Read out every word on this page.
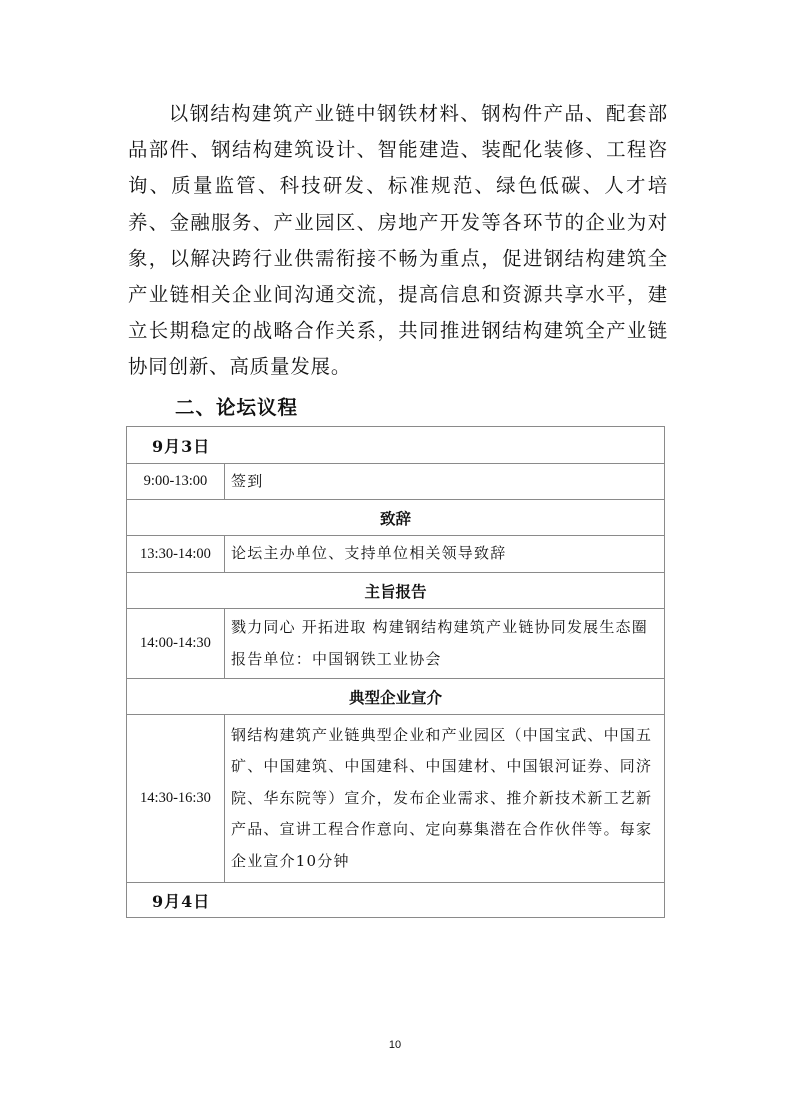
以钢结构建筑产业链中钢铁材料、钢构件产品、配套部品部件、钢结构建筑设计、智能建造、装配化装修、工程咨询、质量监管、科技研发、标准规范、绿色低碳、人才培养、金融服务、产业园区、房地产开发等各环节的企业为对象，以解决跨行业供需衔接不畅为重点，促进钢结构建筑全产业链相关企业间沟通交流，提高信息和资源共享水平，建立长期稳定的战略合作关系，共同推进钢结构建筑全产业链协同创新、高质量发展。

二、论坛议程
9月3日	
9:00-13:00	签到
致辞	
13:30-14:00	论坛主办单位、支持单位相关领导致辞
主旨报告	
14:00-14:30	戮力同心 开拓进取 构建钢结构建筑产业链协同发展生态圈
报告单位：中国钢铁工业协会

典型企业宣介	
14:30-16:30	钢结构建筑产业链典型企业和产业园区（中国宝武、中国五矿、中国建筑、中国建科、中国建材、中国银河证券、同济院、华东院等）宣介，发布企业需求、推介新技术新工艺新产品、宣讲工程合作意向、定向募集潜在合作伙伴等。每家企业宣介10分钟
9月4日	
10
